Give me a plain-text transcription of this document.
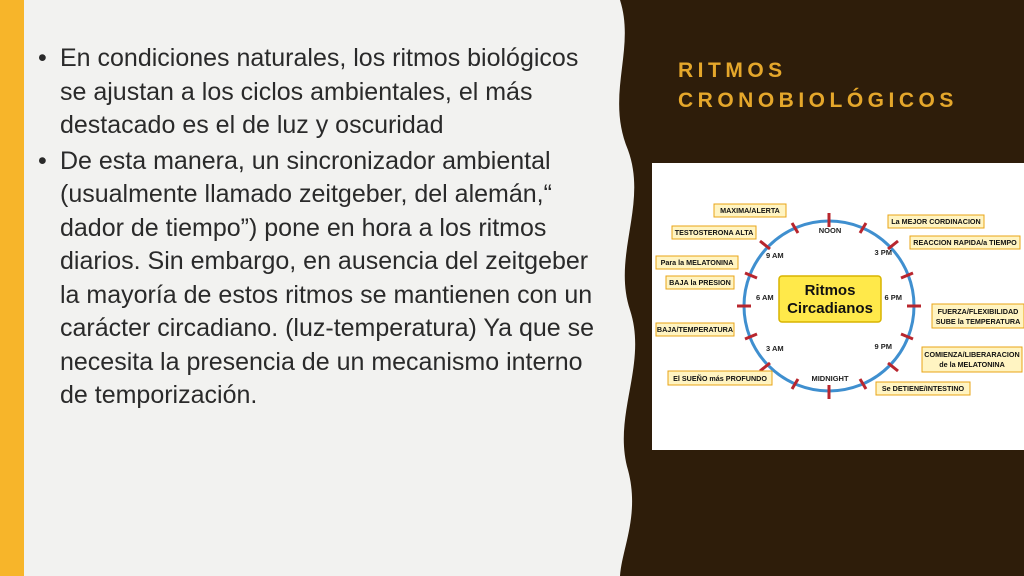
• En condiciones naturales, los ritmos biológicos se ajustan a los ciclos ambientales, el más destacado es el de luz y oscuridad
• De esta manera, un sincronizador ambiental (usualmente llamado zeitgeber, del alemán,“ dador de tiempo”) pone en hora a los ritmos diarios. Sin embargo, en ausencia del zeitgeber la mayoría de estos ritmos se mantienen con un carácter circadiano. (luz-temperatura) Ya que se necesita la presencia de un mecanismo interno de temporización.
RITMOS
CRONOBIOLÓGICOS
Ritmos
Circadianos
NOON
MIDNIGHT
6 AM	6 PM
9 AM	3 PM
3 AM	9 PM
MAXIMA/ALERTA
TESTOSTERONA ALTA
Para la MELATONINA
BAJA la PRESION
BAJA/TEMPERATURA
El SUEÑO más PROFUNDO
La MEJOR CORDINACION
REACCION RAPIDA/a TIEMPO
FUERZA/FLEXIBILIDAD
SUBE la TEMPERATURA
COMIENZA/LIBERARACION
de la MELATONINA
Se DETIENE/INTESTINO
